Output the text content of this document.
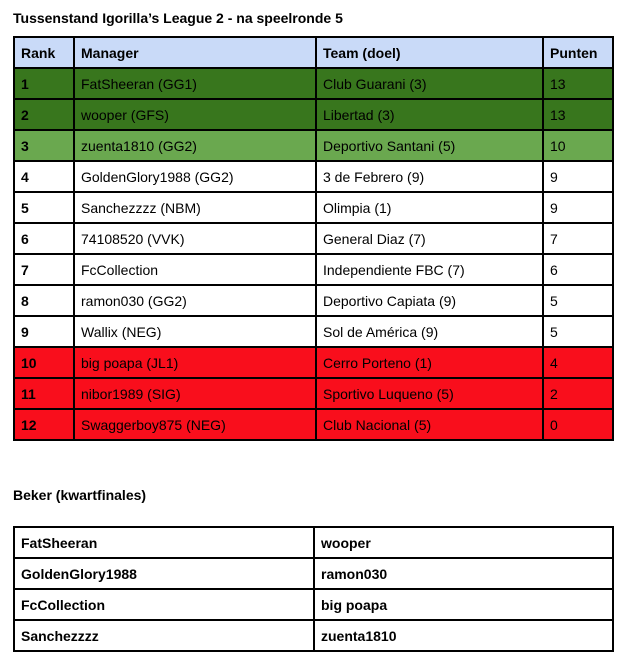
Tussenstand Igorilla’s League 2 - na speelronde 5
Rank	Manager	Team (doel)	Punten
1	FatSheeran (GG1)	Club Guarani (3)	13
2	wooper (GFS)	Libertad (3)	13
3	zuenta1810 (GG2)	Deportivo Santani (5)	10
4	GoldenGlory1988 (GG2)	3 de Febrero (9)	9
5	Sanchezzzz (NBM)	Olimpia (1)	9
6	74108520 (VVK)	General Diaz (7)	7
7	FcCollection	Independiente FBC (7)	6
8	ramon030 (GG2)	Deportivo Capiata (9)	5
9	Wallix (NEG)	Sol de América (9)	5
10	big poapa (JL1)	Cerro Porteno (1)	4
11	nibor1989 (SIG)	Sportivo Luqueno (5)	2
12	Swaggerboy875 (NEG)	Club Nacional (5)	0
Beker (kwartfinales)
FatSheeran	wooper
GoldenGlory1988	ramon030
FcCollection	big poapa
Sanchezzzz	zuenta1810
